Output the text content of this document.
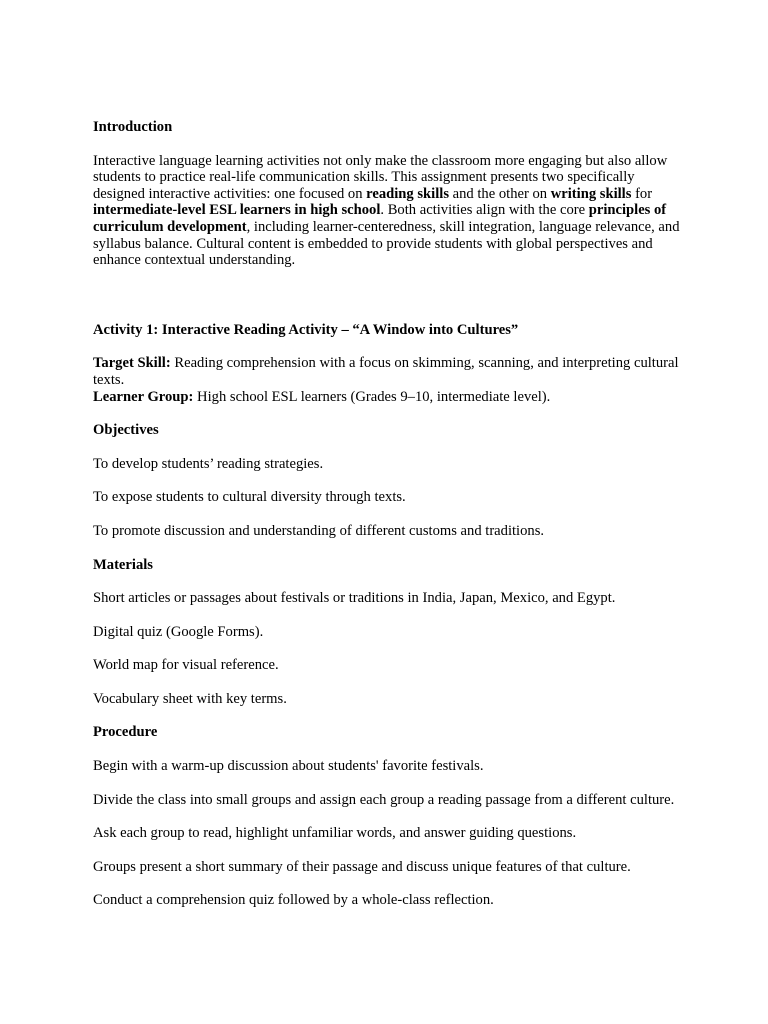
Introduction

Interactive language learning activities not only make the classroom more engaging but also allow students to practice real-life communication skills. This assignment presents two specifically designed interactive activities: one focused on reading skills and the other on writing skills for intermediate-level ESL learners in high school. Both activities align with the core principles of curriculum development, including learner-centeredness, skill integration, language relevance, and syllabus balance. Cultural content is embedded to provide students with global perspectives and enhance contextual understanding.

Activity 1: Interactive Reading Activity – “A Window into Cultures”

Target Skill: Reading comprehension with a focus on skimming, scanning, and interpreting cultural texts.

Learner Group: High school ESL learners (Grades 9–10, intermediate level).

Objectives

To develop students’ reading strategies.

To expose students to cultural diversity through texts.

To promote discussion and understanding of different customs and traditions.

Materials

Short articles or passages about festivals or traditions in India, Japan, Mexico, and Egypt.

Digital quiz (Google Forms).

World map for visual reference.

Vocabulary sheet with key terms.

Procedure

Begin with a warm-up discussion about students' favorite festivals.

Divide the class into small groups and assign each group a reading passage from a different culture.

Ask each group to read, highlight unfamiliar words, and answer guiding questions.

Groups present a short summary of their passage and discuss unique features of that culture.

Conduct a comprehension quiz followed by a whole-class reflection.
